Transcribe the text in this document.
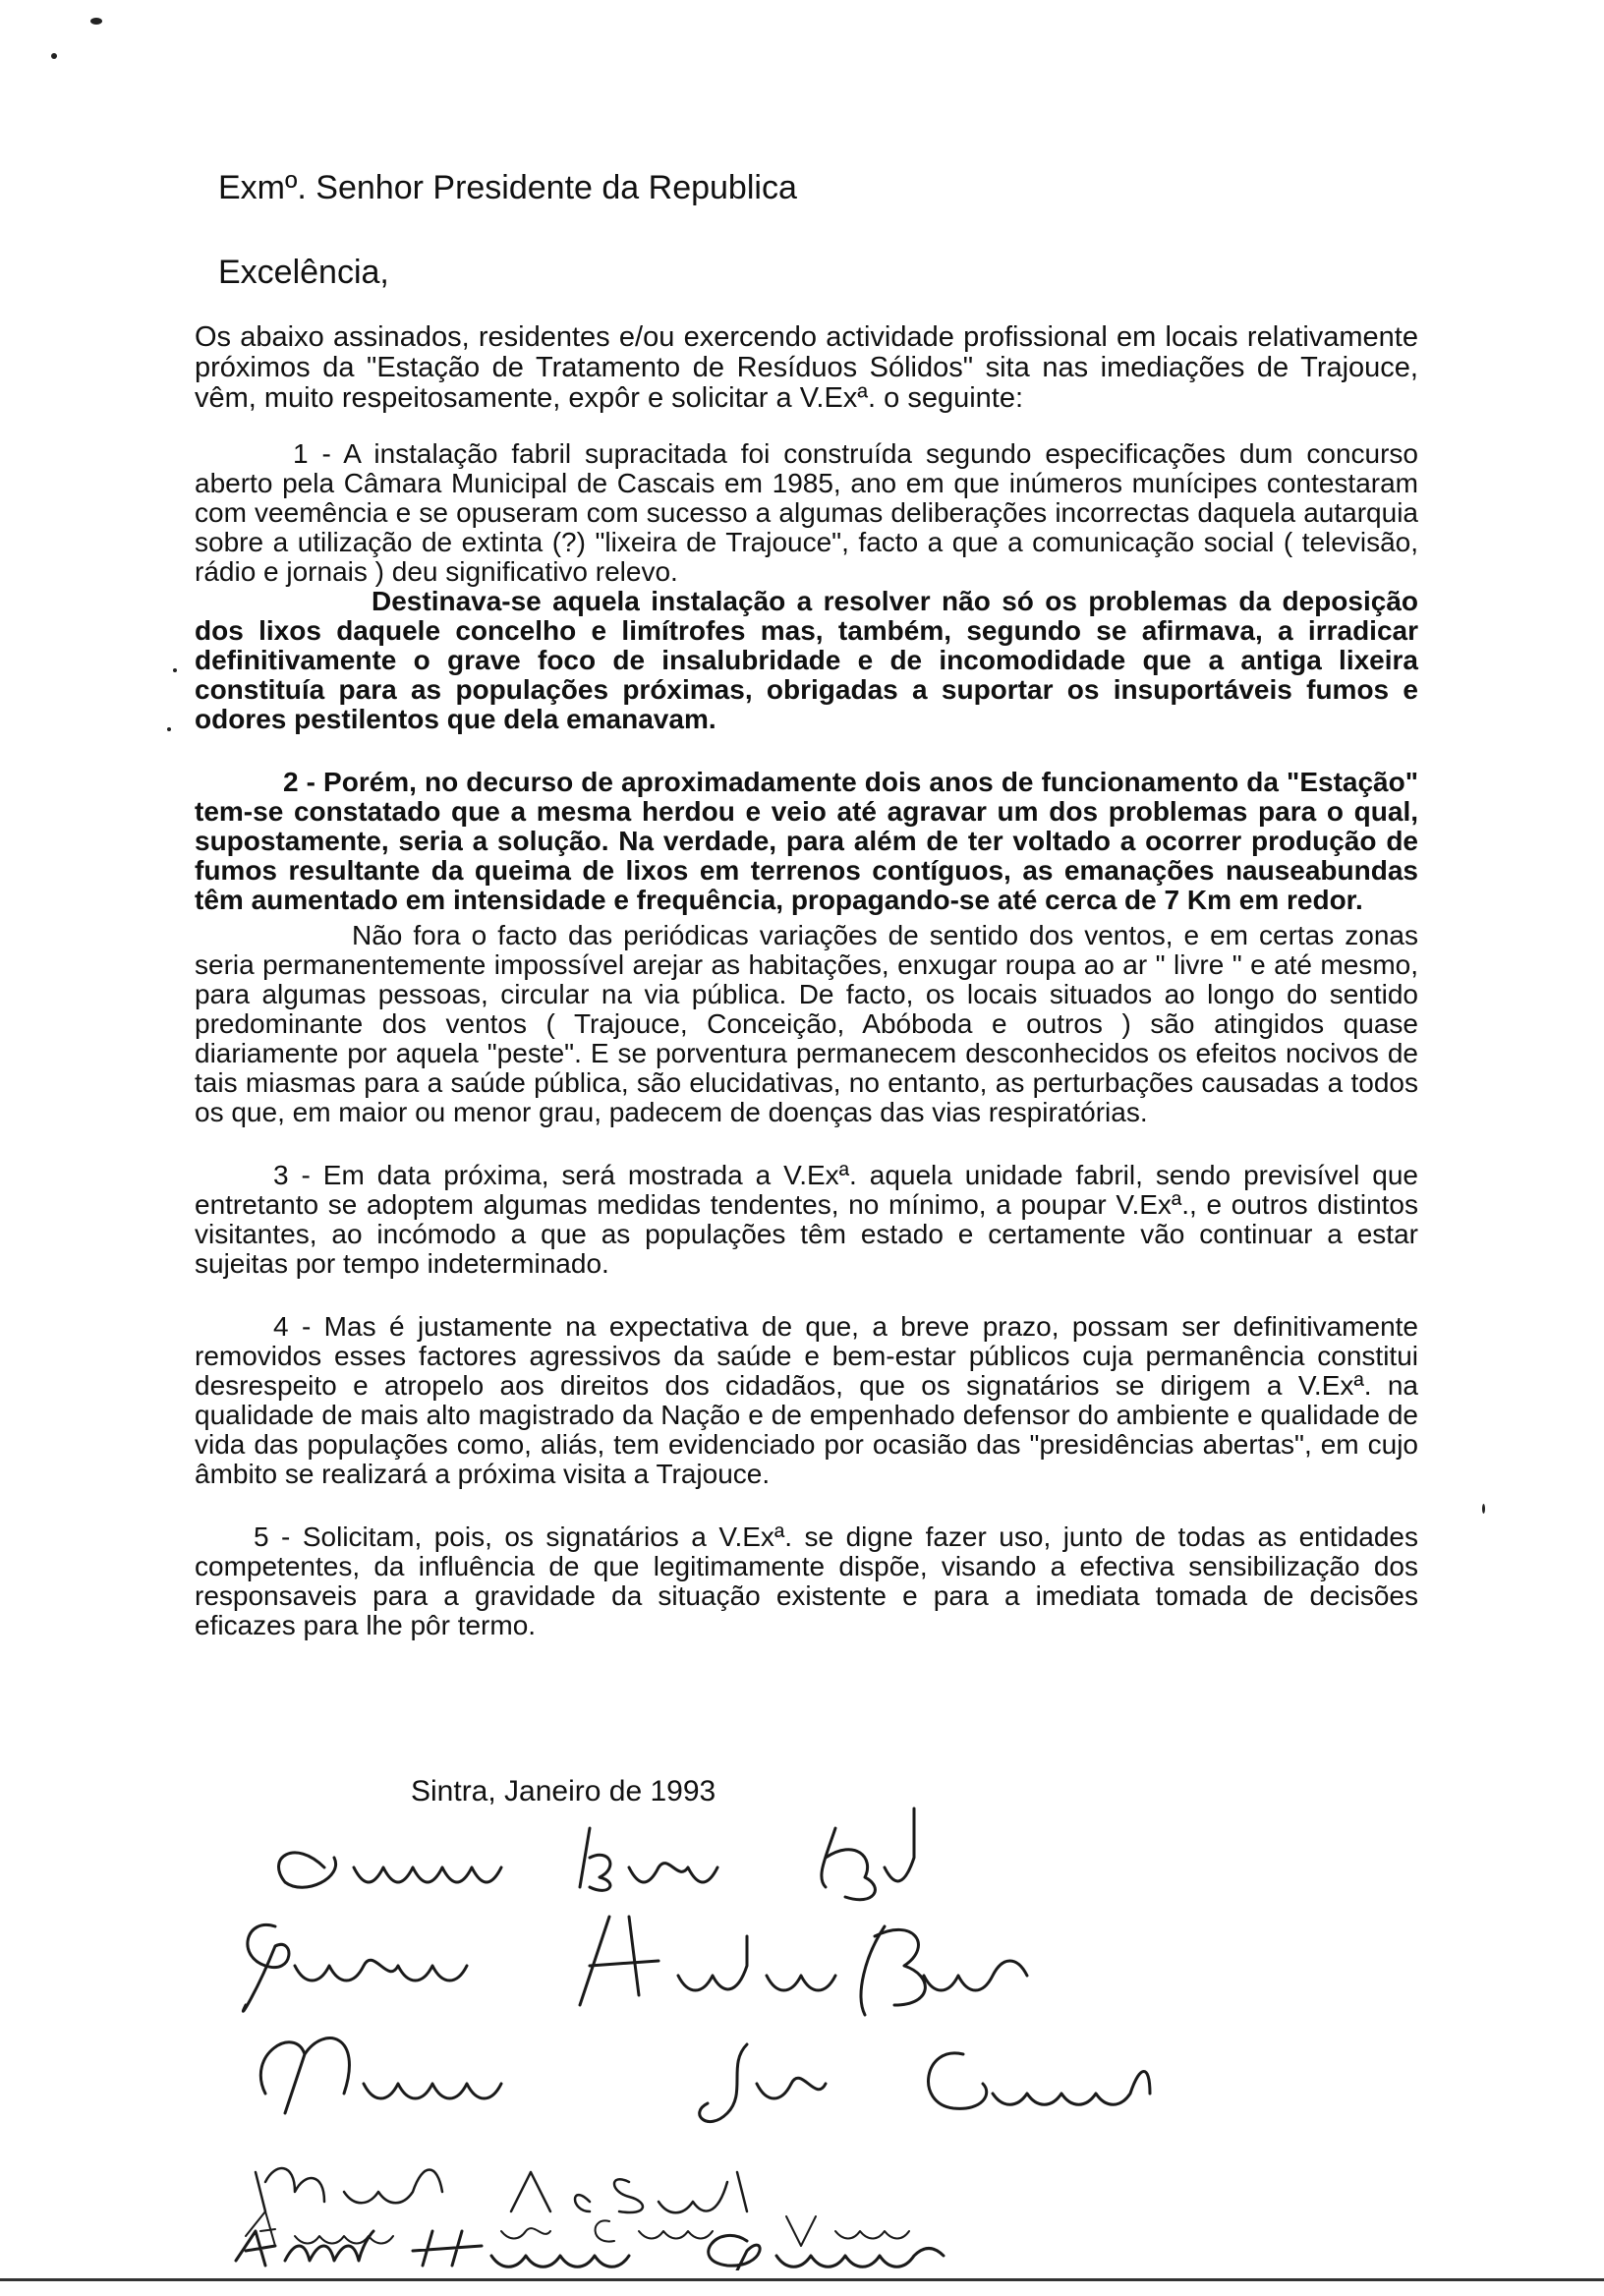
Exmº. Senhor Presidente da Republica

Excelência,

Os abaixo assinados, residentes e/ou exercendo actividade profissional em locais relativamente próximos da "Estação de Tratamento de Resíduos Sólidos" sita nas imediações de Trajouce, vêm, muito respeitosamente, expôr e solicitar a V.Exª. o seguinte:

1 - A instalação fabril supracitada foi construída segundo especificações dum concurso aberto pela Câmara Municipal de Cascais em 1985, ano em que inúmeros munícipes contestaram com veemência e se opuseram com sucesso a algumas deliberações incorrectas daquela autarquia sobre a utilização de extinta (?) "lixeira de Trajouce", facto a que a comunicação social ( televisão, rádio e jornais ) deu significativo relevo.

Destinava-se aquela instalação a resolver não só os problemas da deposição dos lixos daquele concelho e limítrofes mas, também, segundo se afirmava, a irradicar definitivamente o grave foco de insalubridade e de incomodidade que a antiga lixeira constituía para as populações próximas, obrigadas a suportar os insuportáveis fumos e odores pestilentos que dela emanavam.

2 - Porém, no decurso de aproximadamente dois anos de funcionamento da "Estação" tem-se constatado que a mesma herdou e veio até agravar um dos problemas para o qual, supostamente, seria a solução. Na verdade, para além de ter voltado a ocorrer produção de fumos resultante da queima de lixos em terrenos contíguos, as emanações nauseabundas têm aumentado em intensidade e frequência, propagando-se até cerca de 7 Km em redor.

Não fora o facto das periódicas variações de sentido dos ventos, e em certas zonas seria permanentemente impossível arejar as habitações, enxugar roupa ao ar " livre " e até mesmo, para algumas pessoas, circular na via pública. De facto, os locais situados ao longo do sentido predominante dos ventos ( Trajouce, Conceição, Abóboda e outros ) são atingidos quase diariamente por aquela "peste". E se porventura permanecem desconhecidos os efeitos nocivos de tais miasmas para a saúde pública, são elucidativas, no entanto, as perturbações causadas a todos os que, em maior ou menor grau, padecem de doenças das vias respiratórias.

3 - Em data próxima, será mostrada a V.Exª. aquela unidade fabril, sendo previsível que entretanto se adoptem algumas medidas tendentes, no mínimo, a poupar V.Exª., e outros distintos visitantes, ao incómodo a que as populações têm estado e certamente vão continuar a estar sujeitas por tempo indeterminado.

4 - Mas é justamente na expectativa de que, a breve prazo, possam ser definitivamente removidos esses factores agressivos da saúde e bem-estar públicos cuja permanência constitui desrespeito e atropelo aos direitos dos cidadãos, que os signatários se dirigem a V.Exª. na qualidade de mais alto magistrado da Nação e de empenhado defensor do ambiente e qualidade de vida das populações como, aliás, tem evidenciado por ocasião das "presidências abertas", em cujo âmbito se realizará a próxima visita a Trajouce.

5 - Solicitam, pois, os signatários a V.Exª. se digne fazer uso, junto de todas as entidades competentes, da influência de que legitimamente dispõe, visando a efectiva sensibilização dos responsaveis para a gravidade da situação existente e para a imediata tomada de decisões eficazes para lhe pôr termo.

Sintra, Janeiro de 1993
